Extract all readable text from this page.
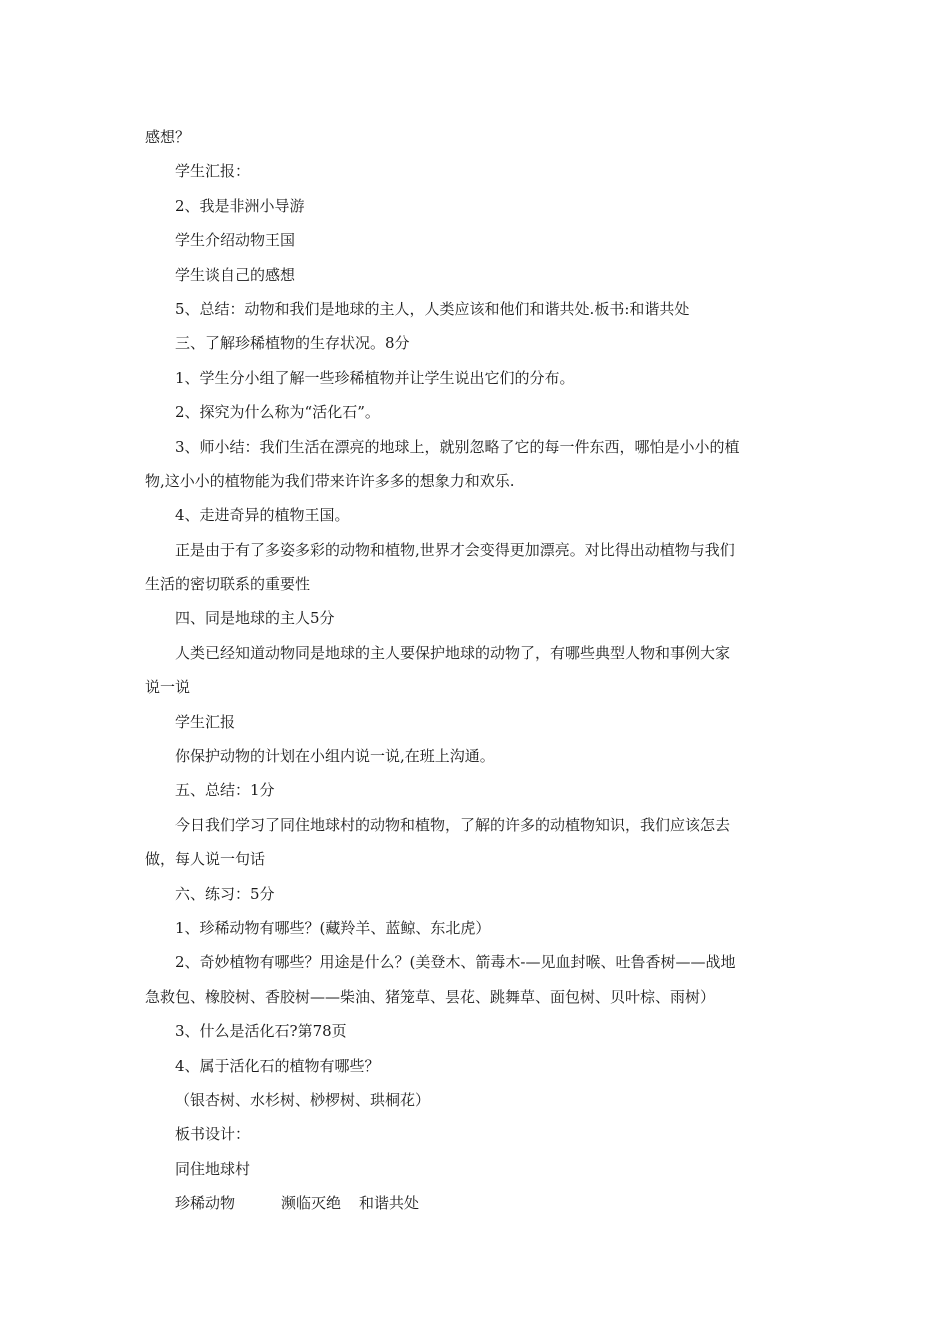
感想？
学生汇报：
2、我是非洲小导游
学生介绍动物王国
学生谈自己的感想
5、总结：动物和我们是地球的主人，人类应该和他们和谐共处.板书:和谐共处
三、了解珍稀植物的生存状况。8分
1、学生分小组了解一些珍稀植物并让学生说出它们的分布。
2、探究为什么称为“活化石”。
3、师小结：我们生活在漂亮的地球上，就别忽略了它的每一件东西，哪怕是小小的植
物,这小小的植物能为我们带来许许多多的想象力和欢乐.
4、走进奇异的植物王国。
正是由于有了多姿多彩的动物和植物,世界才会变得更加漂亮。对比得出动植物与我们
生活的密切联系的重要性
四、同是地球的主人5分
人类已经知道动物同是地球的主人要保护地球的动物了，有哪些典型人物和事例大家
说一说
学生汇报
你保护动物的计划在小组内说一说,在班上沟通。
五、总结：1分
今日我们学习了同住地球村的动物和植物，了解的许多的动植物知识，我们应该怎去
做，每人说一句话
六、练习：5分
1、珍稀动物有哪些？(藏羚羊、蓝鲸、东北虎）
2、奇妙植物有哪些？用途是什么？(美登木、箭毒木-—见血封喉、吐鲁香树——战地
急救包、橡胶树、香胶树——柴油、猪笼草、昙花、跳舞草、面包树、贝叶棕、雨树）
3、什么是活化石?第78页
4、属于活化石的植物有哪些？
（银杏树、水杉树、桫椤树、珙桐花）
板书设计：
同住地球村
珍稀动物	濒临灭绝 和谐共处
